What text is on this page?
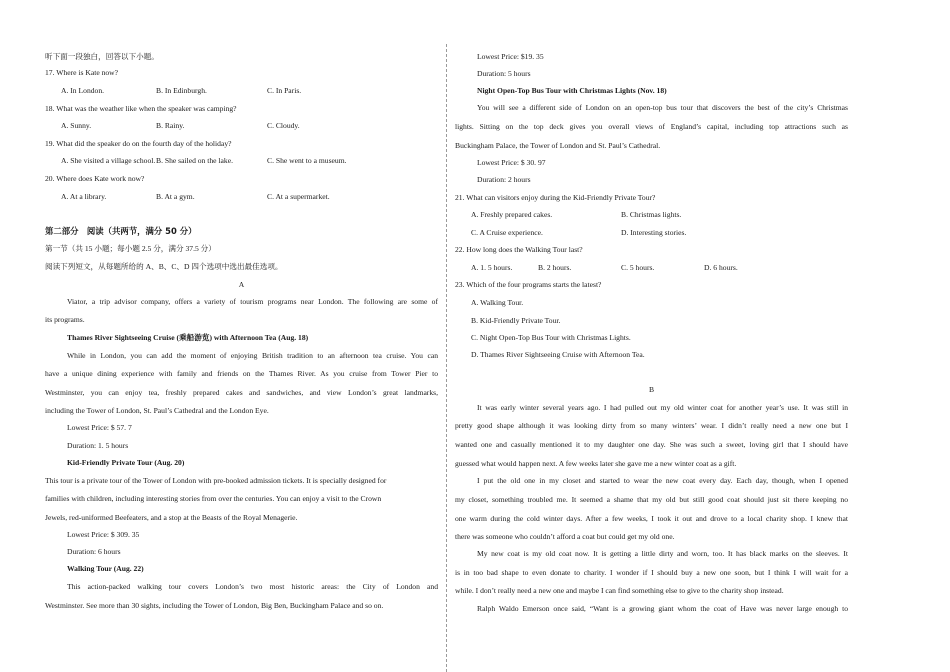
听下面一段独白，回答以下小题。
17. Where is Kate now?
A. In London.	B. In Edinburgh.	C. In Paris.
18. What was the weather like when the speaker was camping?
A. Sunny.	B. Rainy.	C. Cloudy.
19. What did the speaker do on the fourth day of the holiday?
A. She visited a village school.B. She sailed on the lake.	C. She went to a museum.
20. Where does Kate work now?
A. At a library.	B. At a gym.	C. At a supermarket.
第二部分　阅读（共两节，满分 50 分）
第一节（共 15 小题；每小题 2.5 分，满分 37.5 分）
阅读下列短文，从每题所给的 A、B、C、D 四个选项中选出最佳选项。
A
Viator, a trip advisor company, offers a variety of tourism programs near London. The following are some of
its programs.
Thames River Sightseeing Cruise (乘船游览) with Afternoon Tea (Aug. 18)
While in London, you can add the moment of enjoying British tradition to an afternoon tea cruise. You can
have a unique dining experience with family and friends on the Thames River. As you cruise from Tower Pier to
Westminster, you can enjoy tea, freshly prepared cakes and sandwiches, and view London’s great landmarks,
including the Tower of London, St. Paul’s Cathedral and the London Eye.
Lowest Price: $ 57. 7
Duration: 1. 5 hours
Kid-Friendly Private Tour (Aug. 20)
This tour is a private tour of the Tower of London with pre-booked admission tickets. It is specially designed for
families with children, including interesting stories from over the centuries. You can enjoy a visit to the Crown
Jewels, red-uniformed Beefeaters, and a stop at the Beasts of the Royal Menagerie.
Lowest Price: $ 309. 35
Duration: 6 hours
Walking Tour (Aug. 22)
This action-packed walking tour covers London’s two most historic areas: the City of London and
Westminster. See more than 30 sights, including the Tower of London, Big Ben, Buckingham Palace and so on.
Lowest Price: $19. 35
Duration: 5 hours
Night Open-Top Bus Tour with Christmas Lights (Nov. 18)
You will see a different side of London on an open-top bus tour that discovers the best of the city’s Christmas
lights. Sitting on the top deck gives you overall views of England’s capital, including top attractions such as
Buckingham Palace, the Tower of London and St. Paul’s Cathedral.
Lowest Price: $ 30. 97
Duration: 2 hours
21. What can visitors enjoy during the Kid-Friendly Private Tour?
A. Freshly prepared cakes.	B. Christmas lights.
C. A Cruise experience.	D. Interesting stories.
22. How long does the Walking Tour last?
A. 1. 5 hours.	B. 2 hours.	C. 5 hours.	D. 6 hours.
23. Which of the four programs starts the latest?
A. Walking Tour.
B. Kid-Friendly Private Tour.
C. Night Open-Top Bus Tour with Christmas Lights.
D. Thames River Sightseeing Cruise with Afternoon Tea.
B
It was early winter several years ago. I had pulled out my old winter coat for another year’s use. It was still in
pretty good shape although it was looking dirty from so many winters’ wear. I didn’t really need a new one but I
wanted one and casually mentioned it to my daughter one day. She was such a sweet, loving girl that I should have
guessed what would happen next. A few weeks later she gave me a new winter coat as a gift.
I put the old one in my closet and started to wear the new coat every day. Each day, though, when I opened
my closet, something troubled me. It seemed a shame that my old but still good coat should just sit there keeping no
one warm during the cold winter days. After a few weeks, I took it out and drove to a local charity shop. I knew that
there was someone who couldn’t afford a coat but could get my old one.
My new coat is my old coat now. It is getting a little dirty and worn, too. It has black marks on the sleeves. It
is in too bad shape to even donate to charity. I wonder if I should buy a new one soon, but I think I will wait for a
while. I don’t really need a new one and maybe I can find something else to give to the charity shop instead.
Ralph Waldo Emerson once said, “Want is a growing giant whom the coat of Have was never large enough to
